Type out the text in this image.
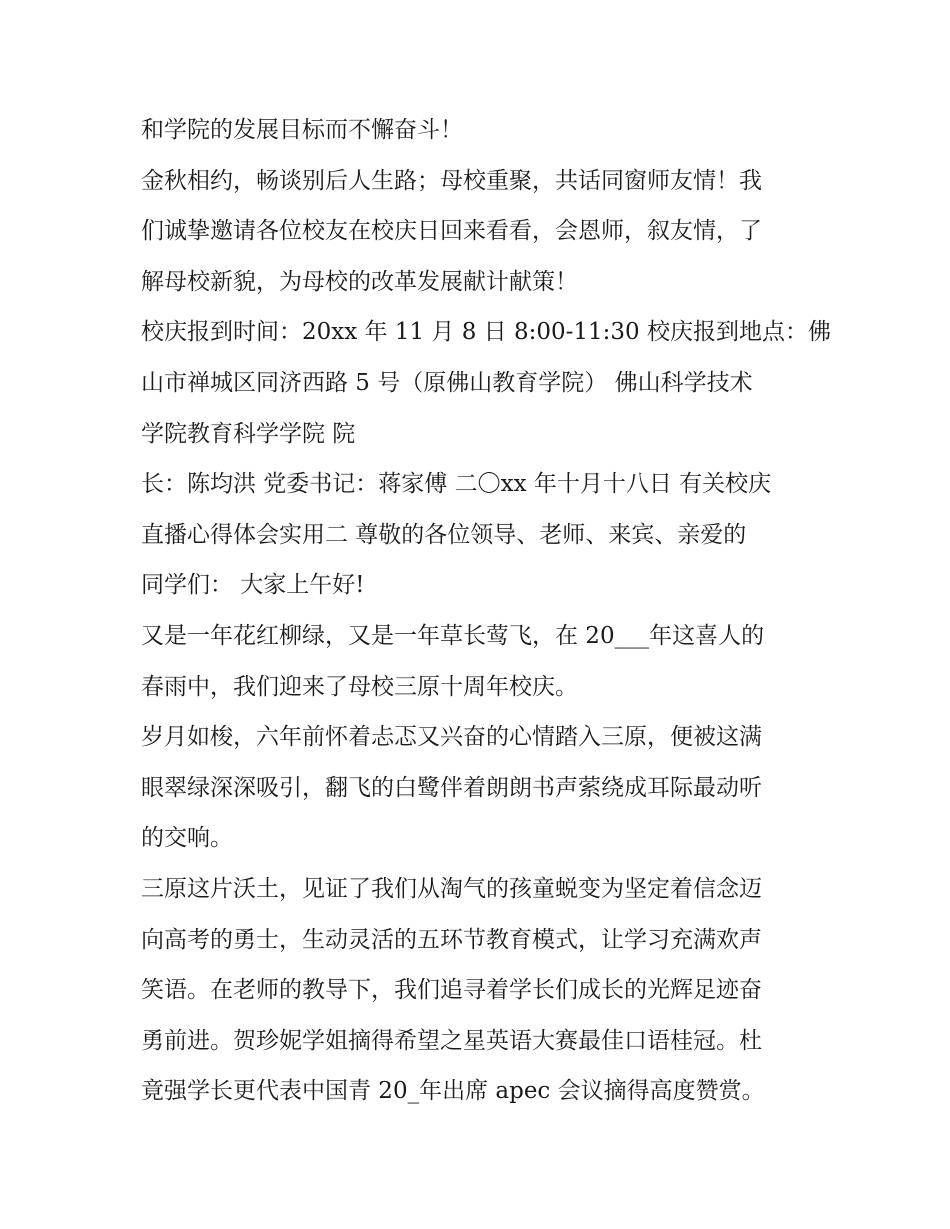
和学院的发展目标而不懈奋斗！
金秋相约，畅谈别后人生路；母校重聚，共话同窗师友情！我
们诚挚邀请各位校友在校庆日回来看看，会恩师，叙友情，了
解母校新貌，为母校的改革发展献计献策！
校庆报到时间：20xx 年 11 月 8 日 8:00-11:30 校庆报到地点：佛
山市禅城区同济西路 5 号（原佛山教育学院） 佛山科学技术
学院教育科学学院 院
长：陈均洪 党委书记：蒋家傅 二〇xx 年十月十八日 有关校庆
直播心得体会实用二 尊敬的各位领导、老师、来宾、亲爱的
同学们： 大家上午好!
又是一年花红柳绿，又是一年草长莺飞，在 20___年这喜人的
春雨中，我们迎来了母校三原十周年校庆。
岁月如梭，六年前怀着忐忑又兴奋的心情踏入三原，便被这满
眼翠绿深深吸引，翻飞的白鹭伴着朗朗书声萦绕成耳际最动听
的交响。
三原这片沃土，见证了我们从淘气的孩童蜕变为坚定着信念迈
向高考的勇士，生动灵活的五环节教育模式，让学习充满欢声
笑语。在老师的教导下，我们追寻着学长们成长的光辉足迹奋
勇前进。贺珍妮学姐摘得希望之星英语大赛最佳口语桂冠。杜
竟强学长更代表中国青 20_年出席 apec 会议摘得高度赞赏。
